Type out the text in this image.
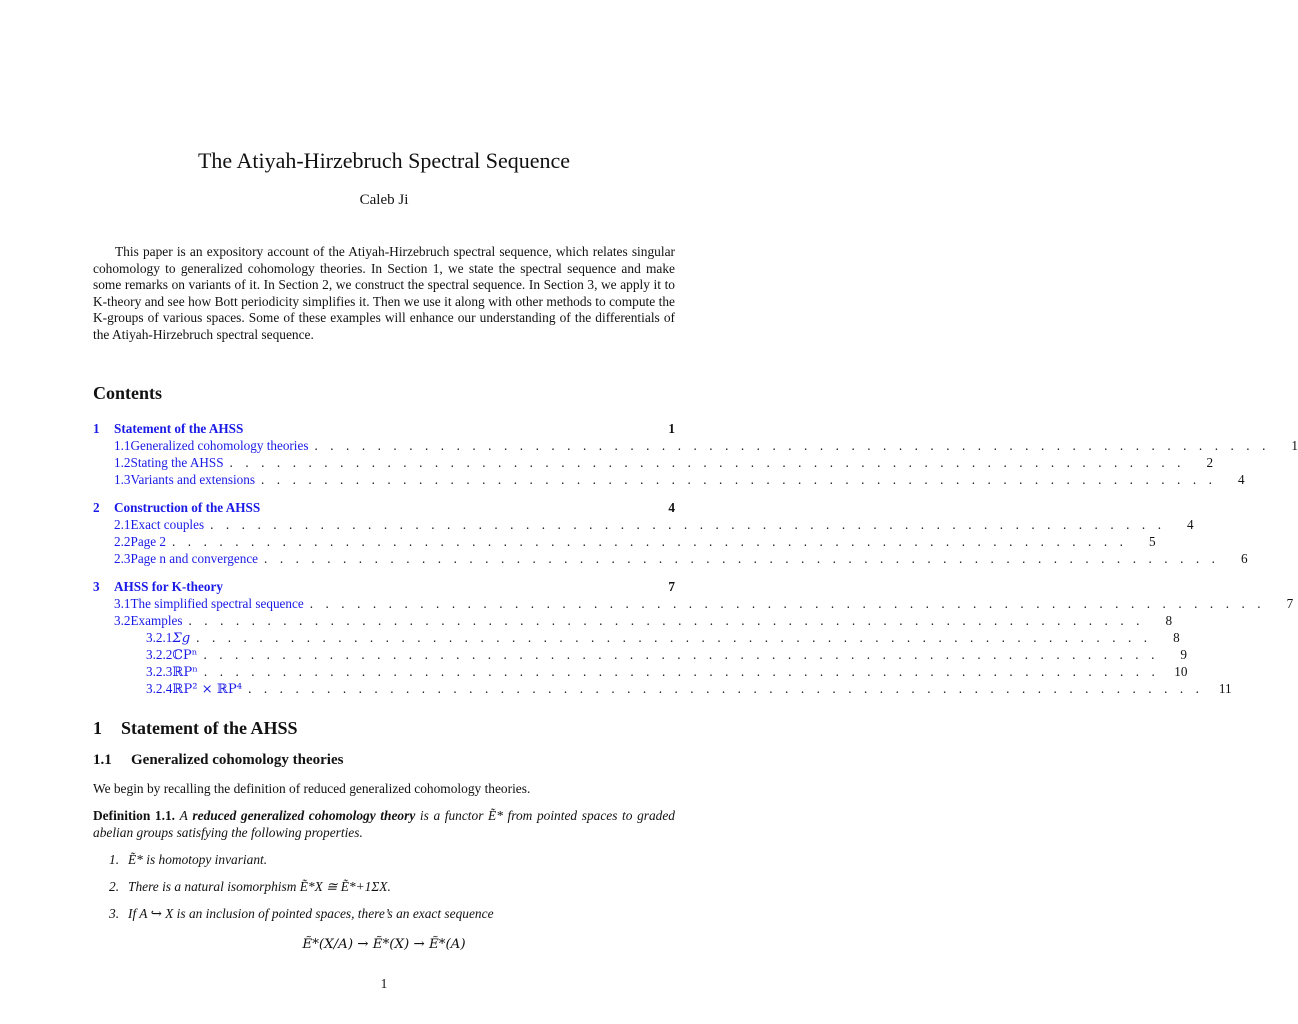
The Atiyah-Hirzebruch Spectral Sequence
Caleb Ji
This paper is an expository account of the Atiyah-Hirzebruch spectral sequence, which relates singular cohomology to generalized cohomology theories. In Section 1, we state the spectral sequence and make some remarks on variants of it. In Section 2, we construct the spectral sequence. In Section 3, we apply it to K-theory and see how Bott periodicity simplifies it. Then we use it along with other methods to compute the K-groups of various spaces. Some of these examples will enhance our understanding of the differentials of the Atiyah-Hirzebruch spectral sequence.
Contents
1	Statement of the AHSS	1
1.1 Generalized cohomology theories . . . . . . . . . . . . . . . . . . . . . . . . . . . . . . . . . . . . . . . . . . . . . . . . . . . . . . . . . . . . .	1
1.2 Stating the AHSS . . . . . . . . . . . . . . . . . . . . . . . . . . . . . . . . . . . . . . . . . . . . . . . . . . . . . . . . . . . . .	2
1.3 Variants and extensions . . . . . . . . . . . . . . . . . . . . . . . . . . . . . . . . . . . . . . . . . . . . . . . . . . . . . . . . . . . . .	4
2	Construction of the AHSS	4
2.1 Exact couples . . . . . . . . . . . . . . . . . . . . . . . . . . . . . . . . . . . . . . . . . . . . . . . . . . . . . . . . . . . . .	4
2.2 Page 2 . . . . . . . . . . . . . . . . . . . . . . . . . . . . . . . . . . . . . . . . . . . . . . . . . . . . . . . . . . . . .	5
2.3 Page n and convergence . . . . . . . . . . . . . . . . . . . . . . . . . . . . . . . . . . . . . . . . . . . . . . . . . . . . . . . . . . . . .	6
3	AHSS for K-theory	7
3.1 The simplified spectral sequence . . . . . . . . . . . . . . . . . . . . . . . . . . . . . . . . . . . . . . . . . . . . . . . . . . . . . . . . . . . . .	7
3.2 Examples . . . . . . . . . . . . . . . . . . . . . . . . . . . . . . . . . . . . . . . . . . . . . . . . . . . . . . . . . . . . .	8
3.2.1 Σg . . . . . . . . . . . . . . . . . . . . . . . . . . . . . . . . . . . . . . . . . . . . . . . . . . . . . . . . . . . . .	8
3.2.2 ℂPⁿ . . . . . . . . . . . . . . . . . . . . . . . . . . . . . . . . . . . . . . . . . . . . . . . . . . . . . . . . . . . . .	9
3.2.3 ℝPⁿ . . . . . . . . . . . . . . . . . . . . . . . . . . . . . . . . . . . . . . . . . . . . . . . . . . . . . . . . . . . . .	10
3.2.4 ℝP² × ℝP⁴ . . . . . . . . . . . . . . . . . . . . . . . . . . . . . . . . . . . . . . . . . . . . . . . . . . . . . . . . . . . . .	11
1 Statement of the AHSS
1.1 Generalized cohomology theories
We begin by recalling the definition of reduced generalized cohomology theories.
Definition 1.1. A reduced generalized cohomology theory is a functor Ẽ* from pointed spaces to graded abelian groups satisfying the following properties.
1. Ẽ* is homotopy invariant.
2. There is a natural isomorphism Ẽ*X ≅ Ẽ*+1ΣX.
3. If A ↪ X is an inclusion of pointed spaces, there’s an exact sequence
Ẽ*(X/A) → Ẽ*(X) → Ẽ*(A)
1
